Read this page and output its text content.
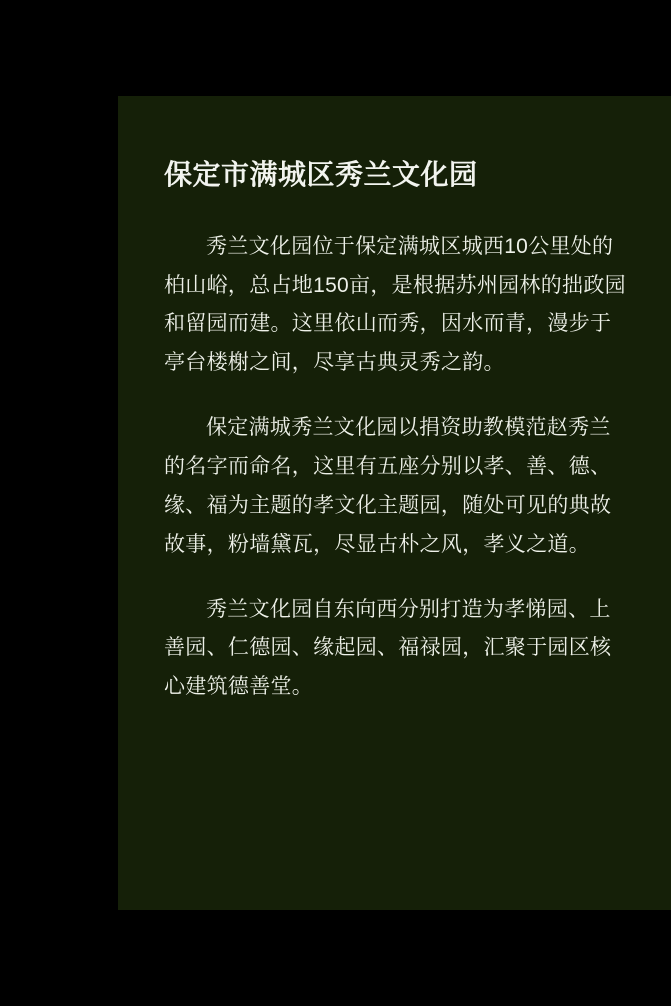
保定市满城区秀兰文化园

秀兰文化园位于保定满城区城西10公里处的柏山峪，总占地150亩，是根据苏州园林的拙政园和留园而建。这里依山而秀，因水而青，漫步于亭台楼榭之间，尽享古典灵秀之韵。

保定满城秀兰文化园以捐资助教模范赵秀兰的名字而命名，这里有五座分别以孝、善、德、缘、福为主题的孝文化主题园，随处可见的典故故事，粉墙黛瓦，尽显古朴之风，孝义之道。

秀兰文化园自东向西分别打造为孝悌园、上善园、仁德园、缘起园、福禄园，汇聚于园区核心建筑德善堂。
